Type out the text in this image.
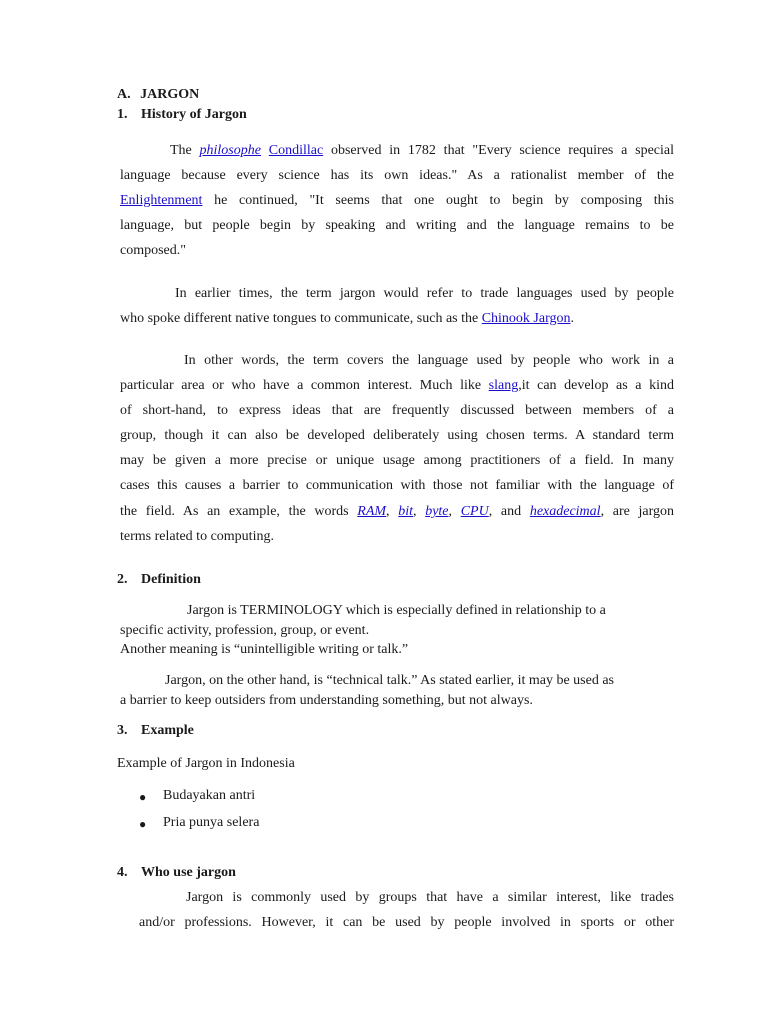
A. JARGON
1. History of Jargon
The philosophe Condillac observed in 1782 that "Every science requires a special
language because every science has its own ideas." As a rationalist member of the
Enlightenment he continued, "It seems that one ought to begin by composing this
language, but people begin by speaking and writing and the language remains to be
composed."
In earlier times, the term jargon would refer to trade languages used by people
who spoke different native tongues to communicate, such as the Chinook Jargon.
In other words, the term covers the language used by people who work in a
particular area or who have a common interest. Much like slang,it can develop as a kind
of short-hand, to express ideas that are frequently discussed between members of a
group, though it can also be developed deliberately using chosen terms. A standard term
may be given a more precise or unique usage among practitioners of a field. In many
cases this causes a barrier to communication with those not familiar with the language of
the field. As an example, the words RAM, bit, byte, CPU, and hexadecimal, are jargon
terms related to computing.
2. Definition
Jargon is TERMINOLOGY which is especially defined in relationship to a
specific activity, profession, group, or event.
Another meaning is “unintelligible writing or talk.”
Jargon, on the other hand, is “technical talk.” As stated earlier, it may be used as
a barrier to keep outsiders from understanding something, but not always.
3. Example
Example of Jargon in Indonesia
● Budayakan antri
● Pria punya selera
4. Who use jargon
Jargon is commonly used by groups that have a similar interest, like trades
and/or professions. However, it can be used by people involved in sports or other
